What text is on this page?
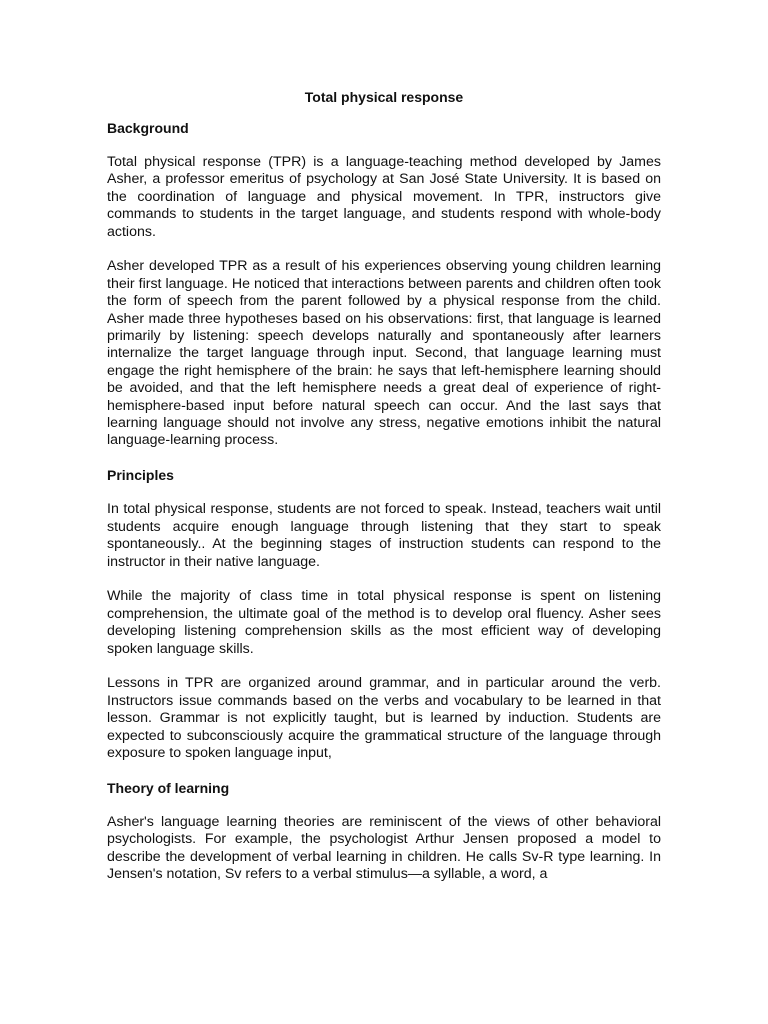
Total physical response
Background

Total physical response (TPR) is a language-teaching method developed by James Asher, a professor emeritus of psychology at San José State University. It is based on the coordination of language and physical movement. In TPR, instructors give commands to students in the target language, and students respond with whole-body actions.

Asher developed TPR as a result of his experiences observing young children learning their first language. He noticed that interactions between parents and children often took the form of speech from the parent followed by a physical response from the child. Asher made three hypotheses based on his observations: first, that language is learned primarily by listening: speech develops naturally and spontaneously after learners internalize the target language through input. Second, that language learning must engage the right hemisphere of the brain: he says that left-hemisphere learning should be avoided, and that the left hemisphere needs a great deal of experience of right-hemisphere-based input before natural speech can occur. And the last says that learning language should not involve any stress, negative emotions inhibit the natural language-learning process.

Principles

In total physical response, students are not forced to speak. Instead, teachers wait until students acquire enough language through listening that they start to speak spontaneously.. At the beginning stages of instruction students can respond to the instructor in their native language.

While the majority of class time in total physical response is spent on listening comprehension, the ultimate goal of the method is to develop oral fluency. Asher sees developing listening comprehension skills as the most efficient way of developing spoken language skills.

Lessons in TPR are organized around grammar, and in particular around the verb. Instructors issue commands based on the verbs and vocabulary to be learned in that lesson. Grammar is not explicitly taught, but is learned by induction. Students are expected to subconsciously acquire the grammatical structure of the language through exposure to spoken language input,

Theory of learning

Asher's language learning theories are reminiscent of the views of other behavioral psychologists. For example, the psychologist Arthur Jensen proposed a model to describe the development of verbal learning in children. He calls Sv-R type learning. In Jensen's notation, Sv refers to a verbal stimulus—a syllable, a word, a
